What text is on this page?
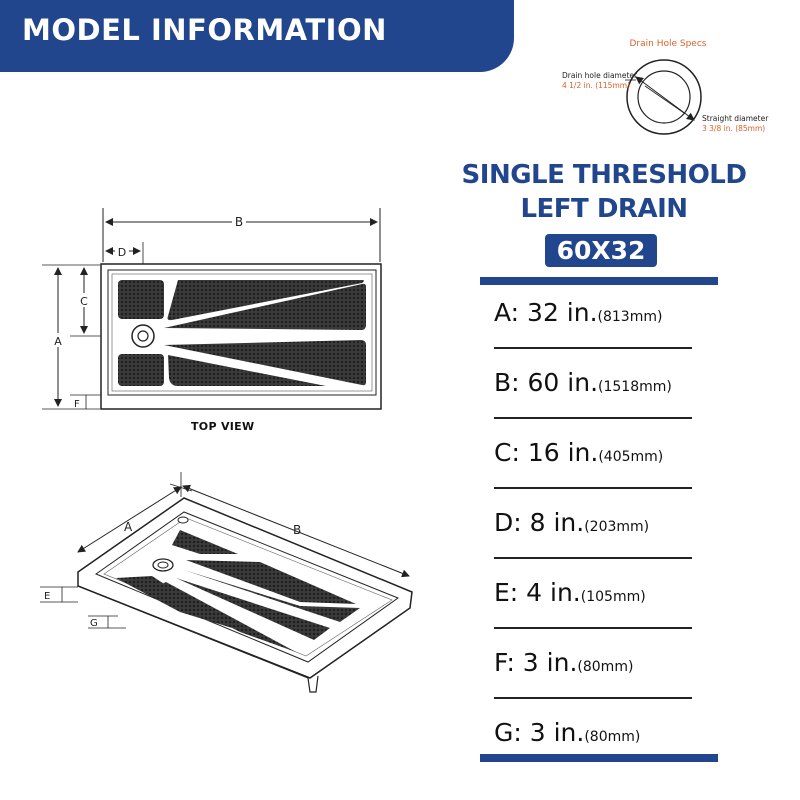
MODEL INFORMATION	Drain Hole Specs
Drain hole diameter
4 1/2 in. (115mm)
Straight diameter
3 3/8 in. (85mm)
B
D
A
C
F
A	B
E
G
TOP VIEW
SINGLE THRESHOLD
LEFT DRAIN
60X32
A: 32 in.(813mm)
B: 60 in.(1518mm)
C: 16 in.(405mm)
D: 8 in.(203mm)
E: 4 in.(105mm)
F: 3 in.(80mm)
G: 3 in.(80mm)
